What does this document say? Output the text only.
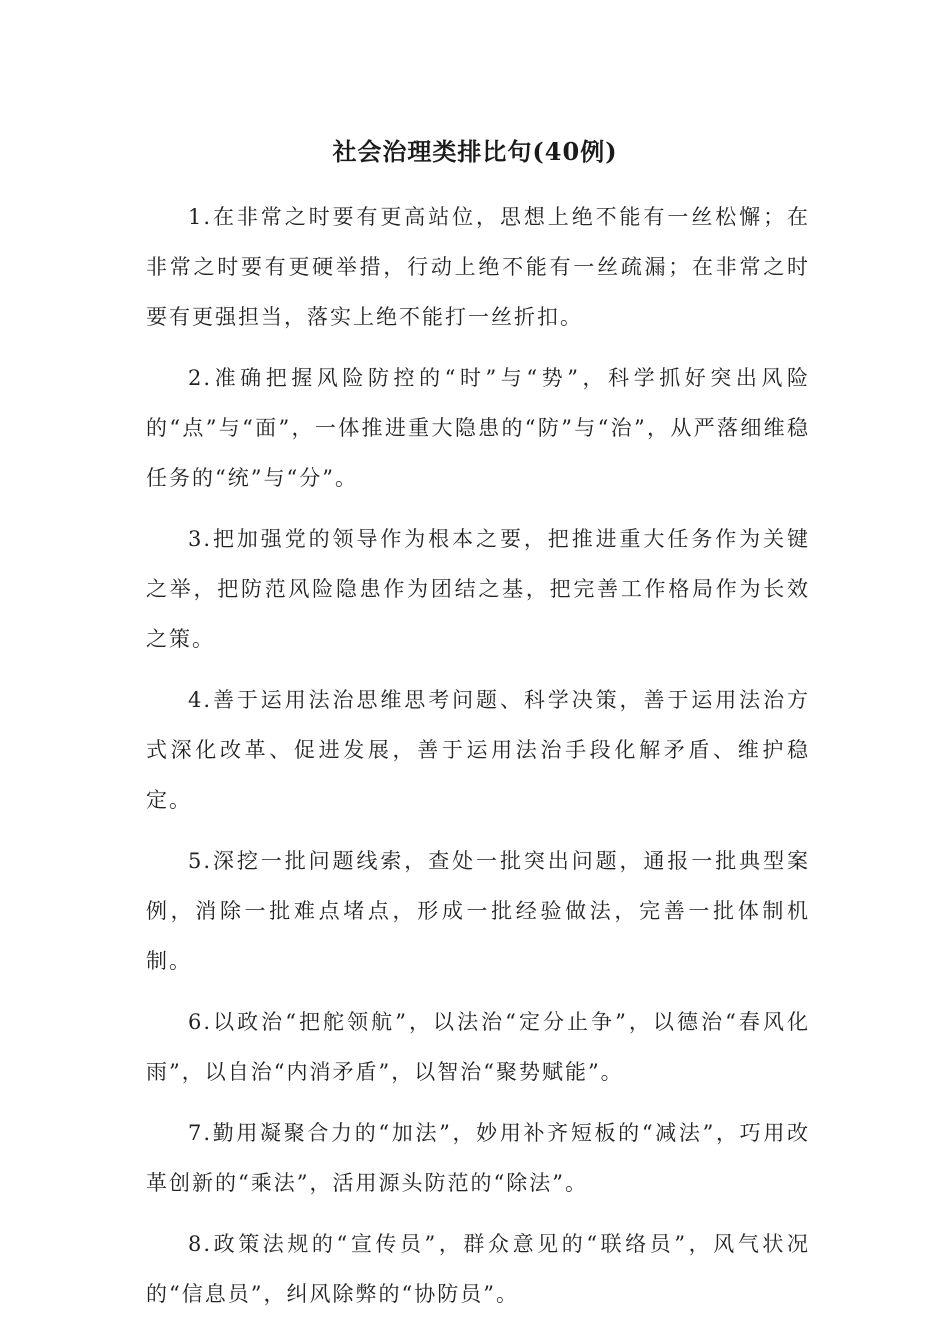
社会治理类排比句(40例)

1.在非常之时要有更高站位，思想上绝不能有一丝松懈；在非常之时要有更硬举措，行动上绝不能有一丝疏漏；在非常之时要有更强担当，落实上绝不能打一丝折扣。

2.准确把握风险防控的“时”与“势”，科学抓好突出风险的“点”与“面”，一体推进重大隐患的“防”与“治”，从严落细维稳任务的“统”与“分”。

3.把加强党的领导作为根本之要，把推进重大任务作为关键之举，把防范风险隐患作为团结之基，把完善工作格局作为长效之策。

4.善于运用法治思维思考问题、科学决策，善于运用法治方式深化改革、促进发展，善于运用法治手段化解矛盾、维护稳定。

5.深挖一批问题线索，查处一批突出问题，通报一批典型案例，消除一批难点堵点，形成一批经验做法，完善一批体制机制。

6.以政治“把舵领航”，以法治“定分止争”，以德治“春风化雨”，以自治“内消矛盾”，以智治“聚势赋能”。

7.勤用凝聚合力的“加法”，妙用补齐短板的“减法”，巧用改革创新的“乘法”，活用源头防范的“除法”。

8.政策法规的“宣传员”，群众意见的“联络员”，风气状况的“信息员”，纠风除弊的“协防员”。
